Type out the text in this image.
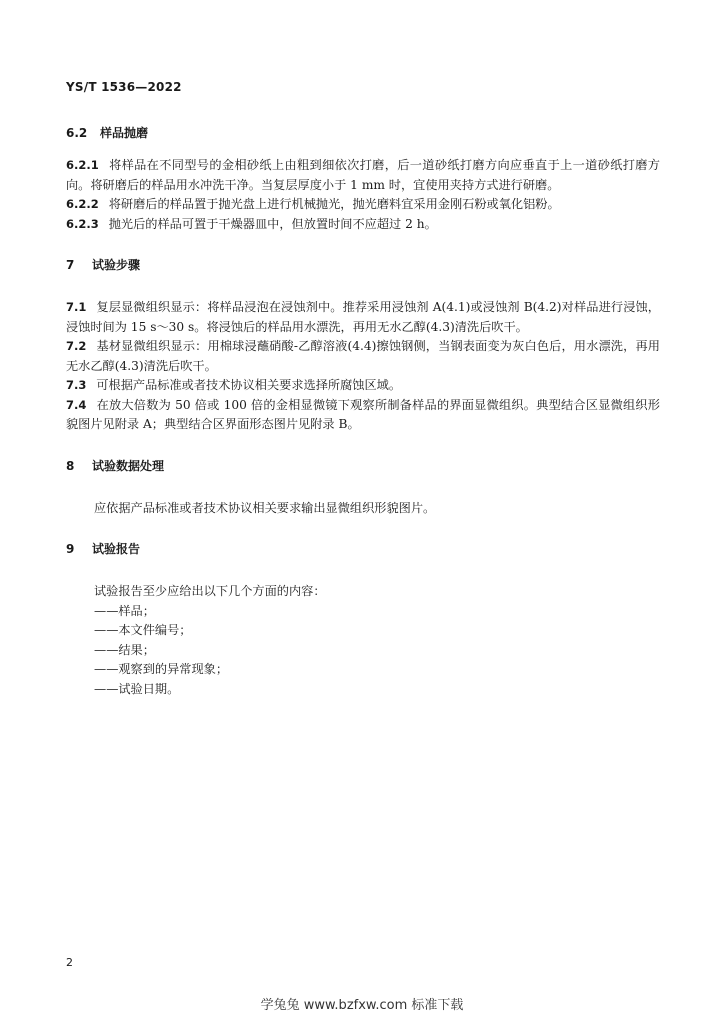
YS/T 1536—2022
6.2 样品抛磨

6.2.1 将样品在不同型号的金相砂纸上由粗到细依次打磨，后一道砂纸打磨方向应垂直于上一道砂纸打磨方向。将研磨后的样品用水冲洗干净。当复层厚度小于 1 mm 时，宜使用夹持方式进行研磨。

6.2.2 将研磨后的样品置于抛光盘上进行机械抛光，抛光磨料宜采用金刚石粉或氧化铝粉。

6.2.3 抛光后的样品可置于干燥器皿中，但放置时间不应超过 2 h。

7 试验步骤

7.1 复层显微组织显示：将样品浸泡在浸蚀剂中。推荐采用浸蚀剂 A(4.1)或浸蚀剂 B(4.2)对样品进行浸蚀，浸蚀时间为 15 s～30 s。将浸蚀后的样品用水漂洗，再用无水乙醇(4.3)清洗后吹干。

7.2 基材显微组织显示：用棉球浸蘸硝酸-乙醇溶液(4.4)擦蚀钢侧，当钢表面变为灰白色后，用水漂洗，再用无水乙醇(4.3)清洗后吹干。

7.3 可根据产品标准或者技术协议相关要求选择所腐蚀区域。

7.4 在放大倍数为 50 倍或 100 倍的金相显微镜下观察所制备样品的界面显微组织。典型结合区显微组织形貌图片见附录 A；典型结合区界面形态图片见附录 B。

8 试验数据处理

应依据产品标准或者技术协议相关要求输出显微组织形貌图片。

9 试验报告

试验报告至少应给出以下几个方面的内容：

——样品；
——本文件编号；
——结果；
——观察到的异常现象；
——试验日期。
2
学兔兔 www.bzfxw.com 标准下载
